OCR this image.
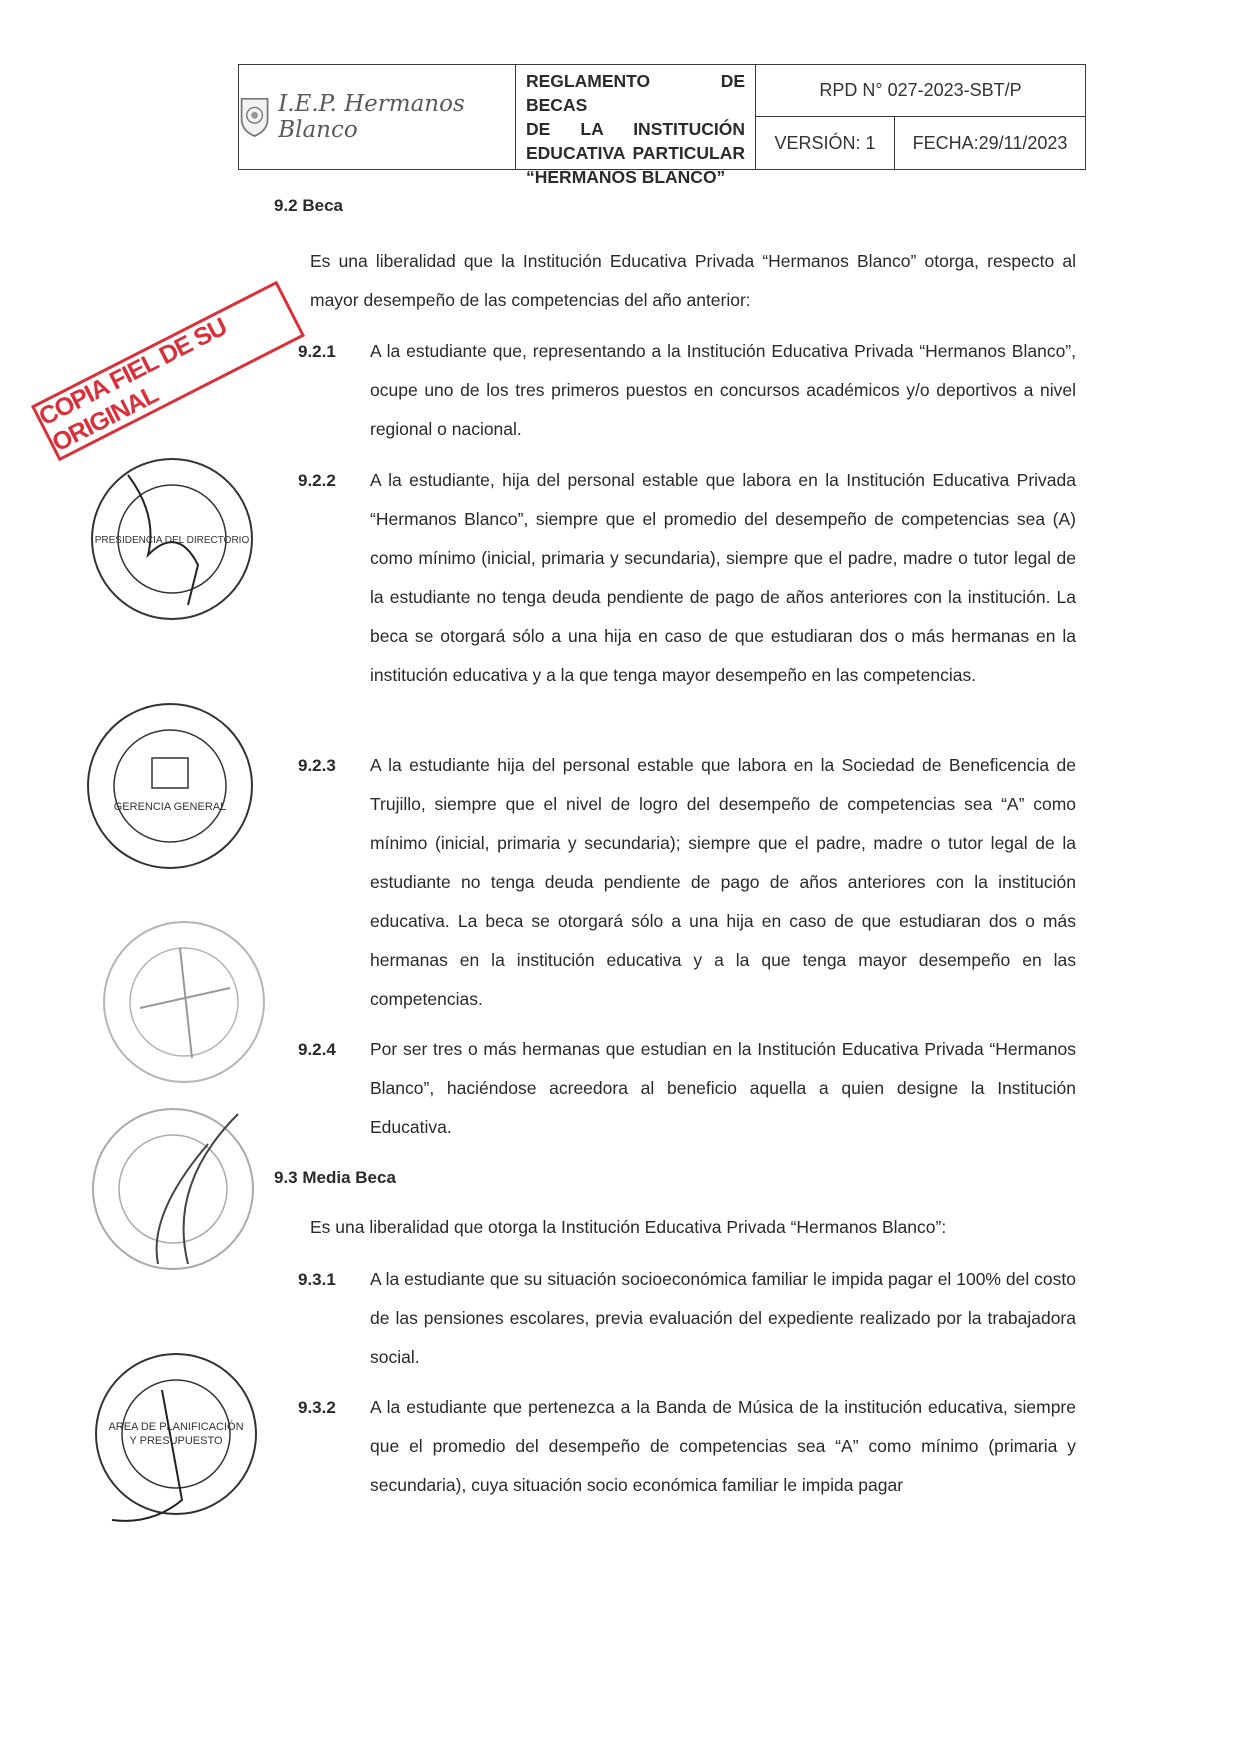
I.E.P. Hermanos Blanco
REGLAMENTO DE BECAS
DE LA INSTITUCIÓN
EDUCATIVA PARTICULAR
“HERMANOS BLANCO”
RPD N° 027-2023-SBT/P
VERSIÓN: 1	FECHA:29/11/2023
COPIA FIEL DE SU ORIGINAL
PRESIDENCIA DEL DIRECTORIO
GERENCIA GENERAL
AREA DE PLANIFICACIÓN
Y PRESUPUESTO
9.2 Beca
Es una liberalidad que la Institución Educativa Privada “Hermanos Blanco” otorga, respecto al mayor desempeño de las competencias del año anterior:
9.2.1	A la estudiante que, representando a la Institución Educativa Privada “Hermanos Blanco”, ocupe uno de los tres primeros puestos en concursos académicos y/o deportivos a nivel regional o nacional.
9.2.2	A la estudiante, hija del personal estable que labora en la Institución Educativa Privada “Hermanos Blanco”, siempre que el promedio del desempeño de competencias sea (A) como mínimo (inicial, primaria y secundaria), siempre que el padre, madre o tutor legal de la estudiante no tenga deuda pendiente de pago de años anteriores con la institución. La beca se otorgará sólo a una hija en caso de que estudiaran dos o más hermanas en la institución educativa y a la que tenga mayor desempeño en las competencias.
9.2.3	A la estudiante hija del personal estable que labora en la Sociedad de Beneficencia de Trujillo, siempre que el nivel de logro del desempeño de competencias sea “A” como mínimo (inicial, primaria y secundaria); siempre que el padre, madre o tutor legal de la estudiante no tenga deuda pendiente de pago de años anteriores con la institución educativa. La beca se otorgará sólo a una hija en caso de que estudiaran dos o más hermanas en la institución educativa y a la que tenga mayor desempeño en las competencias.
9.2.4	Por ser tres o más hermanas que estudian en la Institución Educativa Privada “Hermanos Blanco”, haciéndose acreedora al beneficio aquella a quien designe la Institución Educativa.
9.3 Media Beca
Es una liberalidad que otorga la Institución Educativa Privada “Hermanos Blanco”:
9.3.1	A la estudiante que su situación socioeconómica familiar le impida pagar el 100% del costo de las pensiones escolares, previa evaluación del expediente realizado por la trabajadora social.
9.3.2	A la estudiante que pertenezca a la Banda de Música de la institución educativa, siempre que el promedio del desempeño de competencias sea “A” como mínimo (primaria y secundaria), cuya situación socio económica familiar le impida pagar
